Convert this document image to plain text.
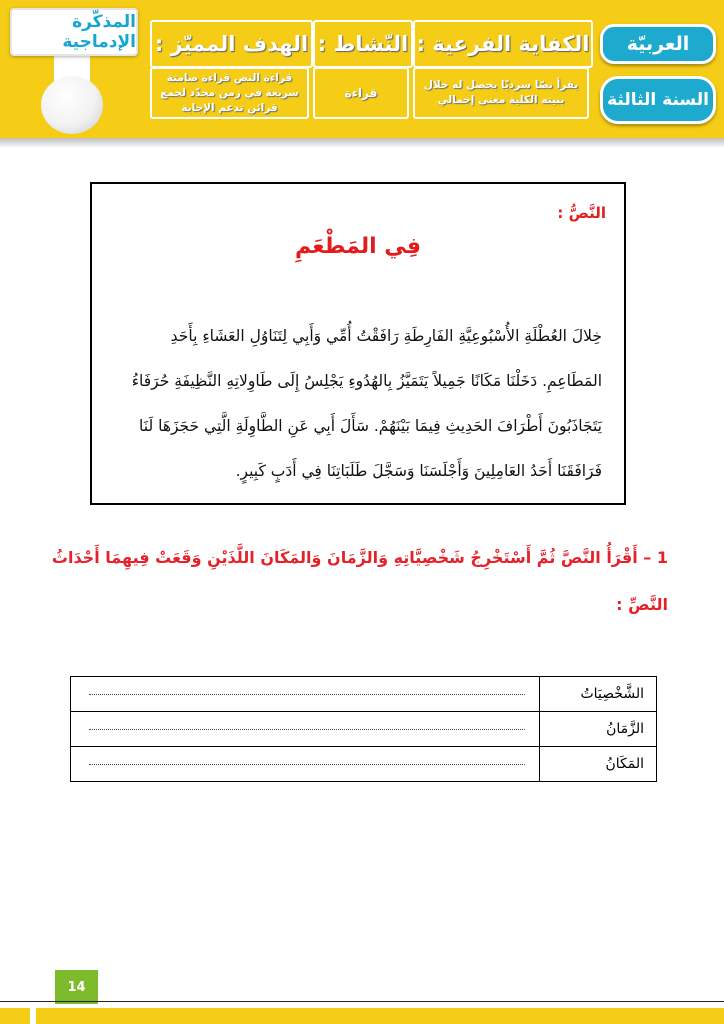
العربيّة
السنة الثالثة
الكفاية الفرعية :
يقرأ نصّا سرديّا يحصل له خلال بنيته الكلية معنى إجمالي
النّشاط :
قراءة
الهدف المميّز :
قراءة النص قراءة صامتة سريعة في زمن محدّد لجمع قرائن تدعم الإجابة
المذكّرة الإدماجية
النَّصُّ :
فِي المَطْعَمِ
خِلالَ العُطْلَةِ الأُسْبُوعِيَّةِ الفَارِطَةِ رَافَقْتُ أُمِّي وَأَبِي لِتَنَاوُلِ العَشَاءِ بِأَحَدِ
المَطَاعِمِ. دَخَلْنَا مَكَانًا جَمِيلاً يَتَمَيَّزُ بِالهُدُوءِ يَجْلِسُ إِلَى طَاوِلاتِهِ النَّظِيفَةِ حُرَفَاءُ
يَتَجَاذَبُونَ أَطْرَافَ الحَدِيثِ فِيمَا بَيْنَهُمْ. سَأَلَ أَبِي عَنِ الطَّاوِلَةِ الَّتِي حَجَزَهَا لَنَا
فَرَافَقَنَا أَحَدُ العَامِلِينَ وَأَجْلَسَنَا وَسَجَّلَ طَلَبَاتِنَا فِي أَدَبٍ كَبِيرٍ.
1 – أَقْرَأُ النَّصَّ ثُمَّ أَسْتَخْرِجُ شَخْصِيَّاتِهِ وَالزَّمَانَ وَالمَكَانَ اللَّذَيْنِ وَقَعَتْ فِيهِمَا أَحْدَاثُ
النَّصِّ :
الشَّخْصِيَاتُ	

الزَّمَانُ	

المَكَانُ	
14
